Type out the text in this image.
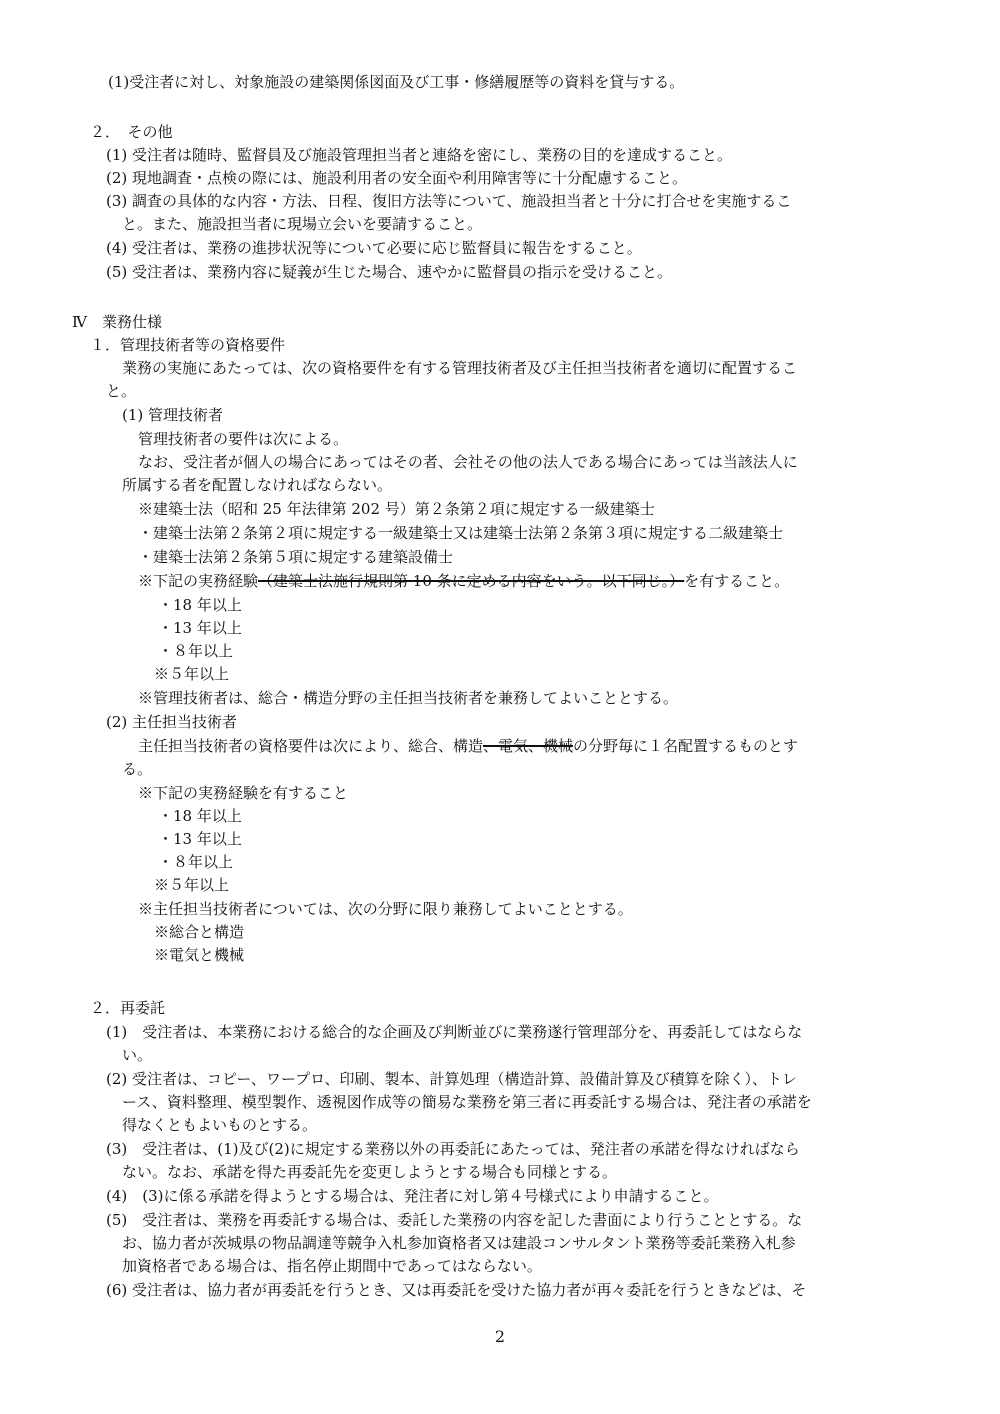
(1)受注者に対し、対象施設の建築関係図面及び工事・修繕履歴等の資料を貸与する。
２．　その他
(1) 受注者は随時、監督員及び施設管理担当者と連絡を密にし、業務の目的を達成すること。
(2) 現地調査・点検の際には、施設利用者の安全面や利用障害等に十分配慮すること。
(3) 調査の具体的な内容・方法、日程、復旧方法等について、施設担当者と十分に打合せを実施するこ
と。また、施設担当者に現場立会いを要請すること。
(4) 受注者は、業務の進捗状況等について必要に応じ監督員に報告をすること。
(5) 受注者は、業務内容に疑義が生じた場合、速やかに監督員の指示を受けること。
Ⅳ　業務仕様
１．管理技術者等の資格要件
業務の実施にあたっては、次の資格要件を有する管理技術者及び主任担当技術者を適切に配置するこ
と。
(1) 管理技術者
管理技術者の要件は次による。
なお、受注者が個人の場合にあってはその者、会社その他の法人である場合にあっては当該法人に
所属する者を配置しなければならない。
※建築士法（昭和 25 年法律第 202 号）第２条第２項に規定する一級建築士
・建築士法第２条第２項に規定する一級建築士又は建築士法第２条第３項に規定する二級建築士
・建築士法第２条第５項に規定する建築設備士
※下記の実務経験（建築士法施行規則第 10 条に定める内容をいう。以下同じ。）を有すること。
・18 年以上
・13 年以上
・８年以上
※５年以上
※管理技術者は、総合・構造分野の主任担当技術者を兼務してよいこととする。
(2) 主任担当技術者
主任担当技術者の資格要件は次により、総合、構造、電気、機械の分野毎に１名配置するものとす
る。
※下記の実務経験を有すること
・18 年以上
・13 年以上
・８年以上
※５年以上
※主任担当技術者については、次の分野に限り兼務してよいこととする。
※総合と構造
※電気と機械
２．再委託
(1)　受注者は、本業務における総合的な企画及び判断並びに業務遂行管理部分を、再委託してはならな
い。
(2) 受注者は、コピー、ワープロ、印刷、製本、計算処理（構造計算、設備計算及び積算を除く）、トレ
ース、資料整理、模型製作、透視図作成等の簡易な業務を第三者に再委託する場合は、発注者の承諾を
得なくともよいものとする。
(3)　受注者は、(1)及び(2)に規定する業務以外の再委託にあたっては、発注者の承諾を得なければなら
ない。なお、承諾を得た再委託先を変更しようとする場合も同様とする。
(4)　(3)に係る承諾を得ようとする場合は、発注者に対し第４号様式により申請すること。
(5)　受注者は、業務を再委託する場合は、委託した業務の内容を記した書面により行うこととする。な
お、協力者が茨城県の物品調達等競争入札参加資格者又は建設コンサルタント業務等委託業務入札参
加資格者である場合は、指名停止期間中であってはならない。
(6) 受注者は、協力者が再委託を行うとき、又は再委託を受けた協力者が再々委託を行うときなどは、そ
2
